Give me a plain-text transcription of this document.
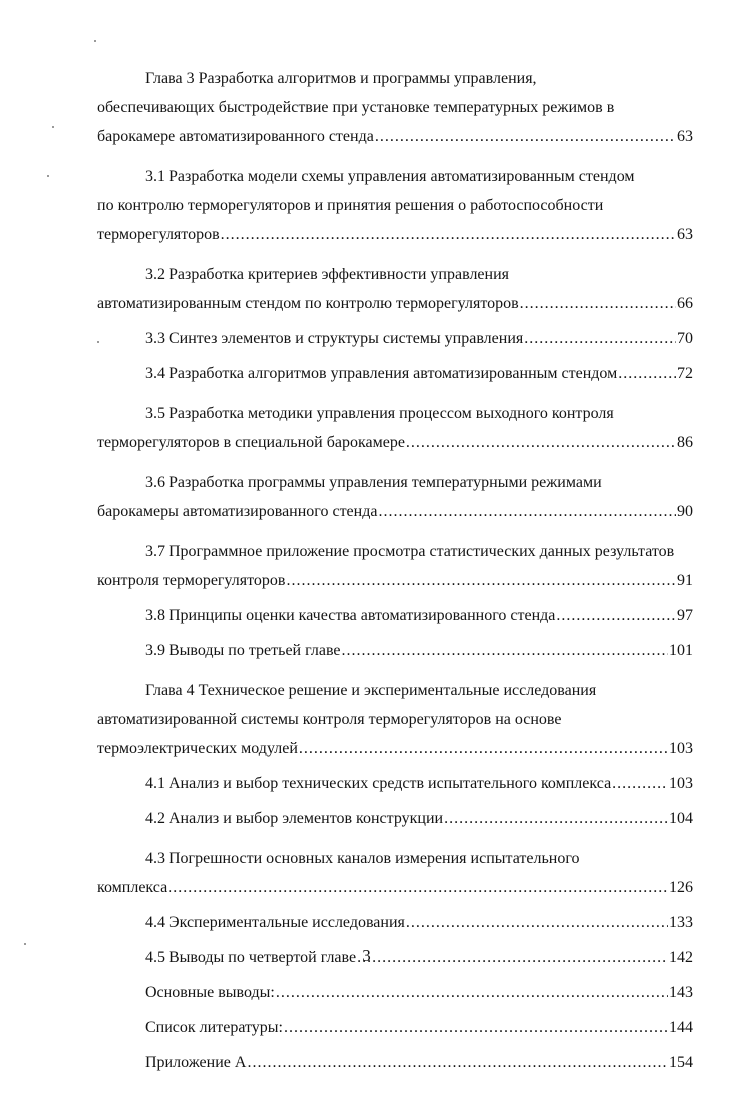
Глава 3 Разработка алгоритмов и программы управления,
обеспечивающих быстродействие при установке температурных режимов в
барокамере автоматизированного стенда .....	63
3.1 Разработка модели схемы управления автоматизированным стендом
по контролю терморегуляторов и принятия решения о работоспособности
терморегуляторов .....	63
3.2 Разработка критериев эффективности управления
автоматизированным стендом по контролю терморегуляторов .....	66
3.3 Синтез элементов и структуры системы управления .....	70
3.4 Разработка алгоритмов управления автоматизированным стендом .....	72
3.5 Разработка методики управления процессом выходного контроля
терморегуляторов в специальной барокамере .....	86
3.6 Разработка программы управления температурными режимами
барокамеры автоматизированного стенда .....	90
3.7 Программное приложение просмотра статистических данных результатов
контроля терморегуляторов .....	91
3.8 Принципы оценки качества автоматизированного стенда .....	97
3.9 Выводы по третьей главе .....	101
Глава 4 Техническое решение и экспериментальные исследования
автоматизированной системы контроля терморегуляторов на основе
термоэлектрических модулей .....	103
4.1 Анализ и выбор технических средств испытательного комплекса .....	103
4.2 Анализ и выбор элементов конструкции .....	104
4.3 Погрешности основных каналов измерения испытательного
комплекса .....	126
4.4 Экспериментальные исследования .....	133
4.5 Выводы по четвертой главе .....	142
Основные выводы: .....	143
Список литературы: .....	144
Приложение А .....	154
3
